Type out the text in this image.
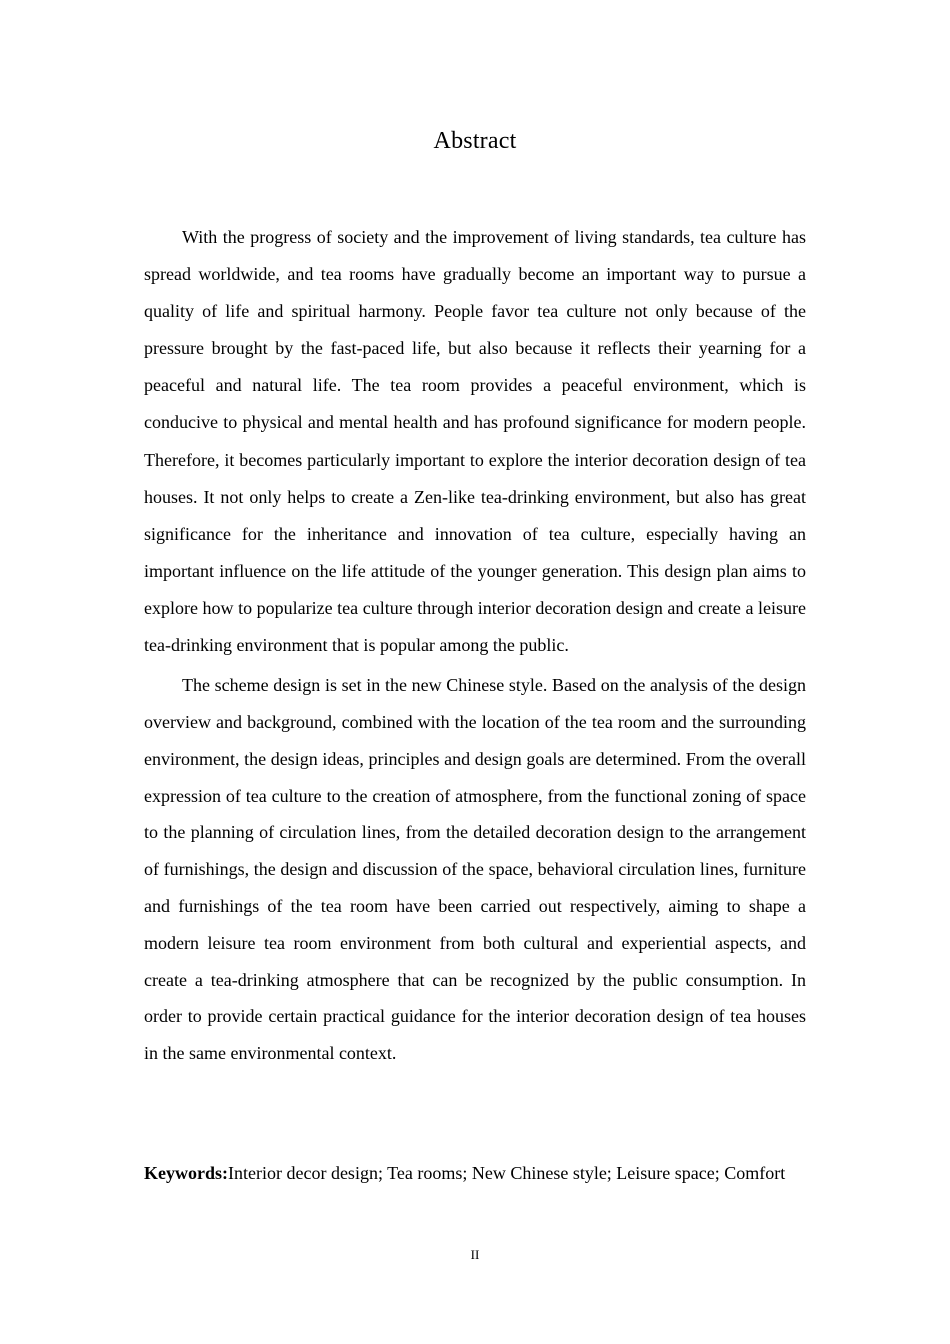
Abstract

With the progress of society and the improvement of living standards, tea culture has spread worldwide, and tea rooms have gradually become an important way to pursue a quality of life and spiritual harmony. People favor tea culture not only because of the pressure brought by the fast-paced life, but also because it reflects their yearning for a peaceful and natural life. The tea room provides a peaceful environment, which is conducive to physical and mental health and has profound significance for modern people. Therefore, it becomes particularly important to explore the interior decoration design of tea houses. It not only helps to create a Zen-like tea-drinking environment, but also has great significance for the inheritance and innovation of tea culture, especially having an important influence on the life attitude of the younger generation. This design plan aims to explore how to popularize tea culture through interior decoration design and create a leisure tea-drinking environment that is popular among the public.

The scheme design is set in the new Chinese style. Based on the analysis of the design overview and background, combined with the location of the tea room and the surrounding environment, the design ideas, principles and design goals are determined. From the overall expression of tea culture to the creation of atmosphere, from the functional zoning of space to the planning of circulation lines, from the detailed decoration design to the arrangement of furnishings, the design and discussion of the space, behavioral circulation lines, furniture and furnishings of the tea room have been carried out respectively, aiming to shape a modern leisure tea room environment from both cultural and experiential aspects, and create a tea-drinking atmosphere that can be recognized by the public consumption. In order to provide certain practical guidance for the interior decoration design of tea houses in the same environmental context.

Keywords:Interior decor design; Tea rooms; New Chinese style; Leisure space; Comfort

II
